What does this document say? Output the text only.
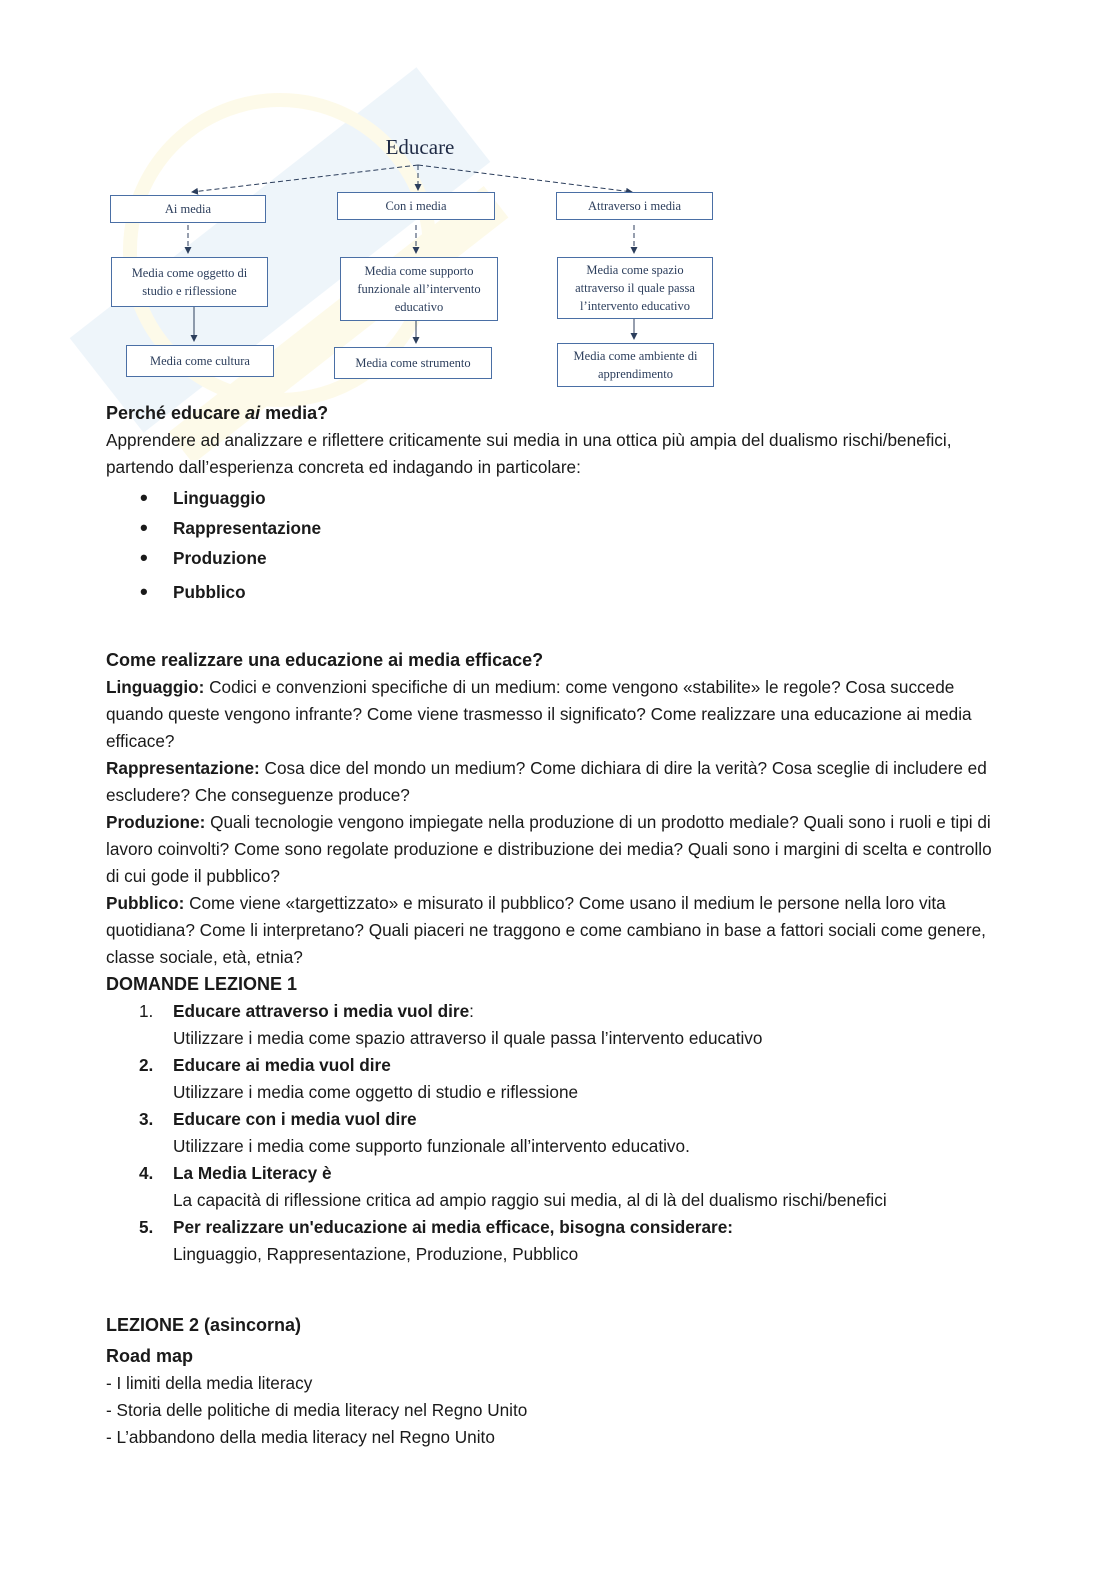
Educare
Ai media	Con i media	Attraverso i media
Media come oggetto di studio e riflessione
Media come supporto funzionale all’intervento educativo
Media come spazio attraverso il quale passa l’intervento educativo
Media come cultura	Media come strumento	Media come ambiente di apprendimento

Perché educare ai media?

Apprendere ad analizzare e riflettere criticamente sui media in una ottica più ampia del dualismo rischi/benefici, partendo dall’esperienza concreta ed indagando in particolare:

• Linguaggio
• Rappresentazione
• Produzione
• Pubblico

Come realizzare una educazione ai media efficace?

Linguaggio: Codici e convenzioni specifiche di un medium: come vengono «stabilite» le regole? Cosa succede quando queste vengono infrante? Come viene trasmesso il significato? Come realizzare una educazione ai media efficace?

Rappresentazione: Cosa dice del mondo un medium? Come dichiara di dire la verità? Cosa sceglie di includere ed escludere? Che conseguenze produce?

Produzione: Quali tecnologie vengono impiegate nella produzione di un prodotto mediale? Quali sono i ruoli e tipi di lavoro coinvolti? Come sono regolate produzione e distribuzione dei media? Quali sono i margini di scelta e controllo di cui gode il pubblico?

Pubblico: Come viene «targettizzato» e misurato il pubblico? Come usano il medium le persone nella loro vita quotidiana? Come li interpretano? Quali piaceri ne traggono e come cambiano in base a fattori sociali come genere, classe sociale, età, etnia?

DOMANDE LEZIONE 1

1. Educare attraverso i media vuol dire:
Utilizzare i media come spazio attraverso il quale passa l’intervento educativo
2. Educare ai media vuol dire
Utilizzare i media come oggetto di studio e riflessione
3. Educare con i media vuol dire
Utilizzare i media come supporto funzionale all’intervento educativo.
4. La Media Literacy è
La capacità di riflessione critica ad ampio raggio sui media, al di là del dualismo rischi/benefici
5. Per realizzare un'educazione ai media efficace, bisogna considerare:
Linguaggio, Rappresentazione, Produzione, Pubblico

LEZIONE 2 (asincorna)

Road map

- I limiti della media literacy

- Storia delle politiche di media literacy nel Regno Unito

- L’abbandono della media literacy nel Regno Unito
